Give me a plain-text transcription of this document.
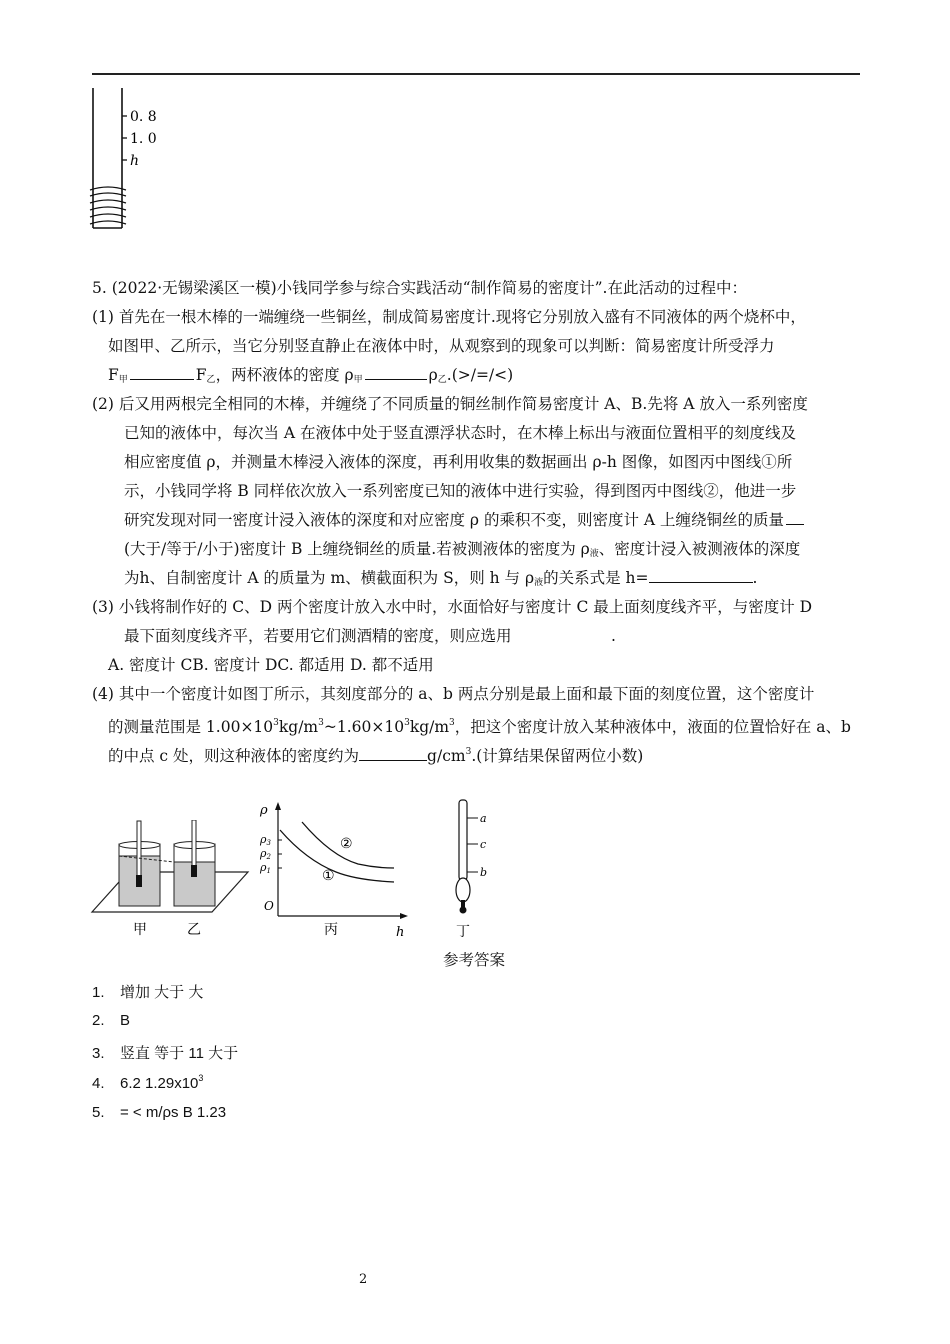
0. 8
1. 0
h
5. (2022·无锡梁溪区一模)小钱同学参与综合实践活动“制作简易的密度计”.在此活动的过程中：
(1) 首先在一根木棒的一端缠绕一些铜丝，制成简易密度计.现将它分别放入盛有不同液体的两个烧杯中，
如图甲、乙所示，当它分别竖直静止在液体中时，从观察到的现象可以判断：简易密度计所受浮力
$F_甲$	$F_乙$，两杯液体的密度 $\rho_甲$	$\rho_乙.(>/=/<)$
(2) 后又用两根完全相同的木棒，并缠绕了不同质量的铜丝制作简易密度计 A、B.先将 A 放入一系列密度
已知的液体中，每次当 A 在液体中处于竖直漂浮状态时，在木棒上标出与液面位置相平的刻度线及
相应密度值 ρ，并测量木棒浸入液体的深度，再利用收集的数据画出 ρ-h 图像，如图丙中图线①所
示，小钱同学将 B 同样依次放入一系列密度已知的液体中进行实验，得到图丙中图线②，他进一步
研究发现对同一密度计浸入液体的深度和对应密度 ρ 的乘积不变，则密度计 A 上缠绕铜丝的质量
(大于/等于/小于)密度计 B 上缠绕铜丝的质量.若被测液体的密度为 $\rho_液$、密度计浸入被测液体的深度
为h、自制密度计 A 的质量为 m、横截面积为 S，则 h 与 $\rho_液$的关系式是 h=	.
(3) 小钱将制作好的 C、D 两个密度计放入水中时，水面恰好与密度计 C 最上面刻度线齐平，与密度计 D
最下面刻度线齐平，若要用它们测酒精的密度，则应选用	.
A. 密度计 CB. 密度计 DC. 都适用 D. 都不适用
(4) 其中一个密度计如图丁所示，其刻度部分的 a、b 两点分别是最上面和最下面的刻度位置，这个密度计
的测量范围是 $1.00\times 10^3kg/m^3\sim 1.60\times 10^3kg/m^3$，把这个密度计放入某种液体中，液面的位置恰好在 a、b
的中点 c 处，则这种液体的密度约为	$g/cm^3$.(计算结果保留两位小数)
甲	乙
ρ
ρ3
ρ2
ρ1
O
h
②
①
丙
a
c
b
丁
参考答案
1. 增加 大于 大
2. B
3. 竖直 等于 11 大于
4. 6.2 $1.29x10^3$
5. = < m/ρs B 1.23
2
